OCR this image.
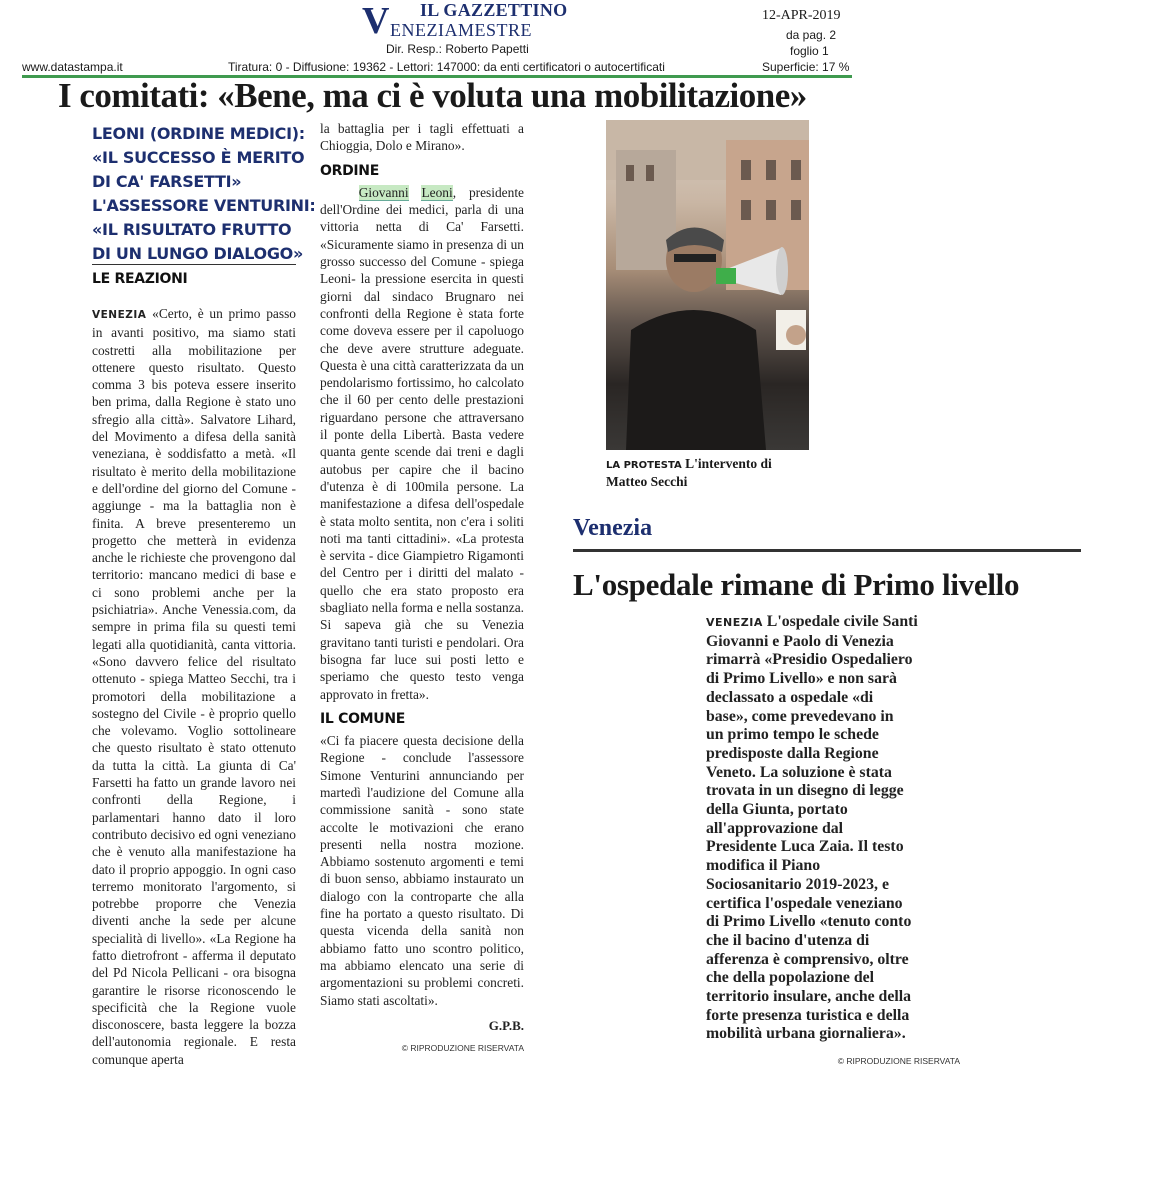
V IL GAZZETTINO
ENEZIAMESTRE
Dir. Resp.: Roberto Papetti
12-APR-2019
da pag. 2
foglio 1
www.datastampa.it	Tiratura: 0 - Diffusione: 19362 - Lettori: 147000: da enti certificatori o autocertificati	Superficie: 17 %
I comitati: «Bene, ma ci è voluta una mobilitazione»
LEONI (ORDINE MEDICI):
«IL SUCCESSO È MERITO
DI CA' FARSETTI»
L'ASSESSORE VENTURINI:
«IL RISULTATO FRUTTO
DI UN LUNGO DIALOGO»
LE REAZIONI

VENEZIA «Certo, è un primo passo in avanti positivo, ma siamo stati costretti alla mobilitazione per ottenere questo risultato. Questo comma 3 bis poteva essere inserito ben prima, dalla Regione è stato uno sfregio alla città». Salvatore Lihard, del Movimento a difesa della sanità veneziana, è soddisfatto a metà. «Il risultato è merito della mobilitazione e dell'ordine del giorno del Comune - aggiunge - ma la battaglia non è finita. A breve presenteremo un progetto che metterà in evidenza anche le richieste che provengono dal territorio: mancano medici di base e ci sono problemi anche per la psichiatria». Anche Venessia.com, da sempre in prima fila su questi temi legati alla quotidianità, canta vittoria. «Sono davvero felice del risultato ottenuto - spiega Matteo Secchi, tra i promotori della mobilitazione a sostegno del Civile - è proprio quello che volevamo. Voglio sottolineare che questo risultato è stato ottenuto da tutta la città. La giunta di Ca' Farsetti ha fatto un grande lavoro nei confronti della Regione, i parlamentari hanno dato il loro contributo decisivo ed ogni veneziano che è venuto alla manifestazione ha dato il proprio appoggio. In ogni caso terremo monitorato l'argomento, si potrebbe proporre che Venezia diventi anche la sede per alcune specialità di livello». «La Regione ha fatto dietrofront - afferma il deputato del Pd Nicola Pellicani - ora bisogna garantire le risorse riconoscendo le specificità che la Regione vuole disconoscere, basta leggere la bozza dell'autonomia regionale. E resta comunque aperta

la battaglia per i tagli effettuati a Chioggia, Dolo e Mirano».

ORDINE

Giovanni Leoni, presidente dell'Ordine dei medici, parla di una vittoria netta di Ca' Farsetti. «Sicuramente siamo in presenza di un grosso successo del Comune - spiega Leoni- la pressione esercita in questi giorni dal sindaco Brugnaro nei confronti della Regione è stata forte come doveva essere per il capoluogo che deve avere strutture adeguate. Questa è una città caratterizzata da un pendolarismo fortissimo, ho calcolato che il 60 per cento delle prestazioni riguardano persone che attraversano il ponte della Libertà. Basta vedere quanta gente scende dai treni e dagli autobus per capire che il bacino d'utenza è di 100mila persone. La manifestazione a difesa dell'ospedale è stata molto sentita, non c'era i soliti noti ma tanti cittadini». «La protesta è servita - dice Giampietro Rigamonti del Centro per i diritti del malato - quello che era stato proposto era sbagliato nella forma e nella sostanza. Si sapeva già che su Venezia gravitano tanti turisti e pendolari. Ora bisogna far luce sui posti letto e speriamo che questo testo venga approvato in fretta».

IL COMUNE

«Ci fa piacere questa decisione della Regione - conclude l'assessore Simone Venturini annunciando per martedì l'audizione del Comune alla commissione sanità - sono state accolte le motivazioni che erano presenti nella nostra mozione. Abbiamo sostenuto argomenti e temi di buon senso, abbiamo instaurato un dialogo con la controparte che alla fine ha portato a questo risultato. Di questa vicenda della sanità non abbiamo fatto uno scontro politico, ma abbiamo elencato una serie di argomentazioni su problemi concreti. Siamo stati ascoltati».

G.P.B.
© RIPRODUZIONE RISERVATA
LA PROTESTA L'intervento di Matteo Secchi
Venezia
L'ospedale rimane di Primo livello
VENEZIA L'ospedale civile Santi
Giovanni e Paolo di Venezia
rimarrà «Presidio Ospedaliero
di Primo Livello» e non sarà
declassato a ospedale «di
base», come prevedevano in
un primo tempo le schede
predisposte dalla Regione
Veneto. La soluzione è stata
trovata in un disegno di legge
della Giunta, portato
all'approvazione dal
Presidente Luca Zaia. Il testo
modifica il Piano
Sociosanitario 2019-2023, e
certifica l'ospedale veneziano
di Primo Livello «tenuto conto
che il bacino d'utenza di
afferenza è comprensivo, oltre
che della popolazione del
territorio insulare, anche della
forte presenza turistica e della
mobilità urbana giornaliera».
© RIPRODUZIONE RISERVATA
